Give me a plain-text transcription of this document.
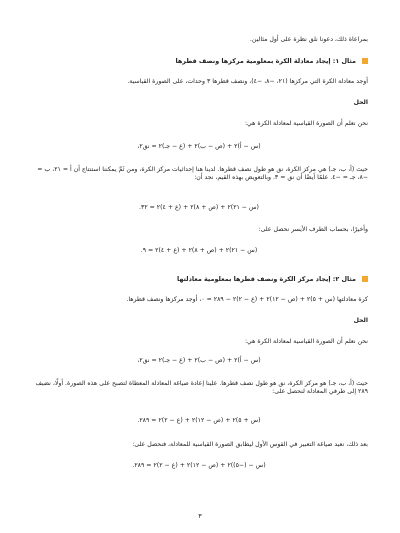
بمراعاة ذلك، دعونا نلق نظرة على أول مثالين.
مثال ١: إيجاد معادلة الكرة بمعلومية مركزها ونصف قطرها
أوجد معادلة الكرة التي مركزها (٢١، −٨، −٤)، ونصف قطرها ٣ وحدات، على الصورة القياسية.
الحل
نحن نعلم أن الصورة القياسية لمعادلة الكرة هي:
(س − أ)٢ + (ص − ب)٢ + (ع − جـ)٢ = نق٢،
حيث (أ، ب، جـ) هي مركز الكرة، نق هو طول نصف قطرها. لدينا هنا إحداثيات مركز الكرة، ومن ثَمَّ يمكننا استنتاج أن أ = ٢١، ب = −٨، جـ = −٤. علمًا أيضًا أن نق = ٣. وبالتعويض بهذه القيم، نجد أن:
(س − ٢١)٢ + (ص + ٨)٢ + (ع + ٤)٢ = ٣٢.
وأخيرًا، بحساب الطرف الأيسر نحصل على:
(س − ٢١)٢ + (ص + ٨)٢ + (ع + ٤)٢ = ٩.
مثال ٢: إيجاد مركز الكرة ونصف قطرها بمعلومية معادلتها
كرة معادلتها (س + ٥)٢ + (ص − ١٢)٢ + (ع − ٢)٢ − ٢٨٩ = ٠، أوجد مركزها ونصف قطرها.
الحل
نحن نعلم أن الصورة القياسية لمعادلة الكرة هي:
(س − أ)٢ + (ص − ب)٢ + (ع − جـ)٢ = نق٢،
حيث (أ، ب، جـ) هو مركز الكرة، نق هو طول نصف قطرها. علينا إعادة صياغة المعادلة المعطاة لتصبح على هذه الصورة. أولًا، نضيف ٢٨٩ إلى طرفي المعادلة لنحصل على:
(س + ٥)٢ + (ص − ١٢)٢ + (ع − ٢)٢ = ٢٨٩.
بعد ذلك، نعيد صياغة التعبير في القوس الأول ليطابق الصورة القياسية للمعادلة، فنحصل على:
(س − (−٥))٢ + (ص − ١٢)٢ + (ع − ٢)٢ = ٢٨٩.
٣
